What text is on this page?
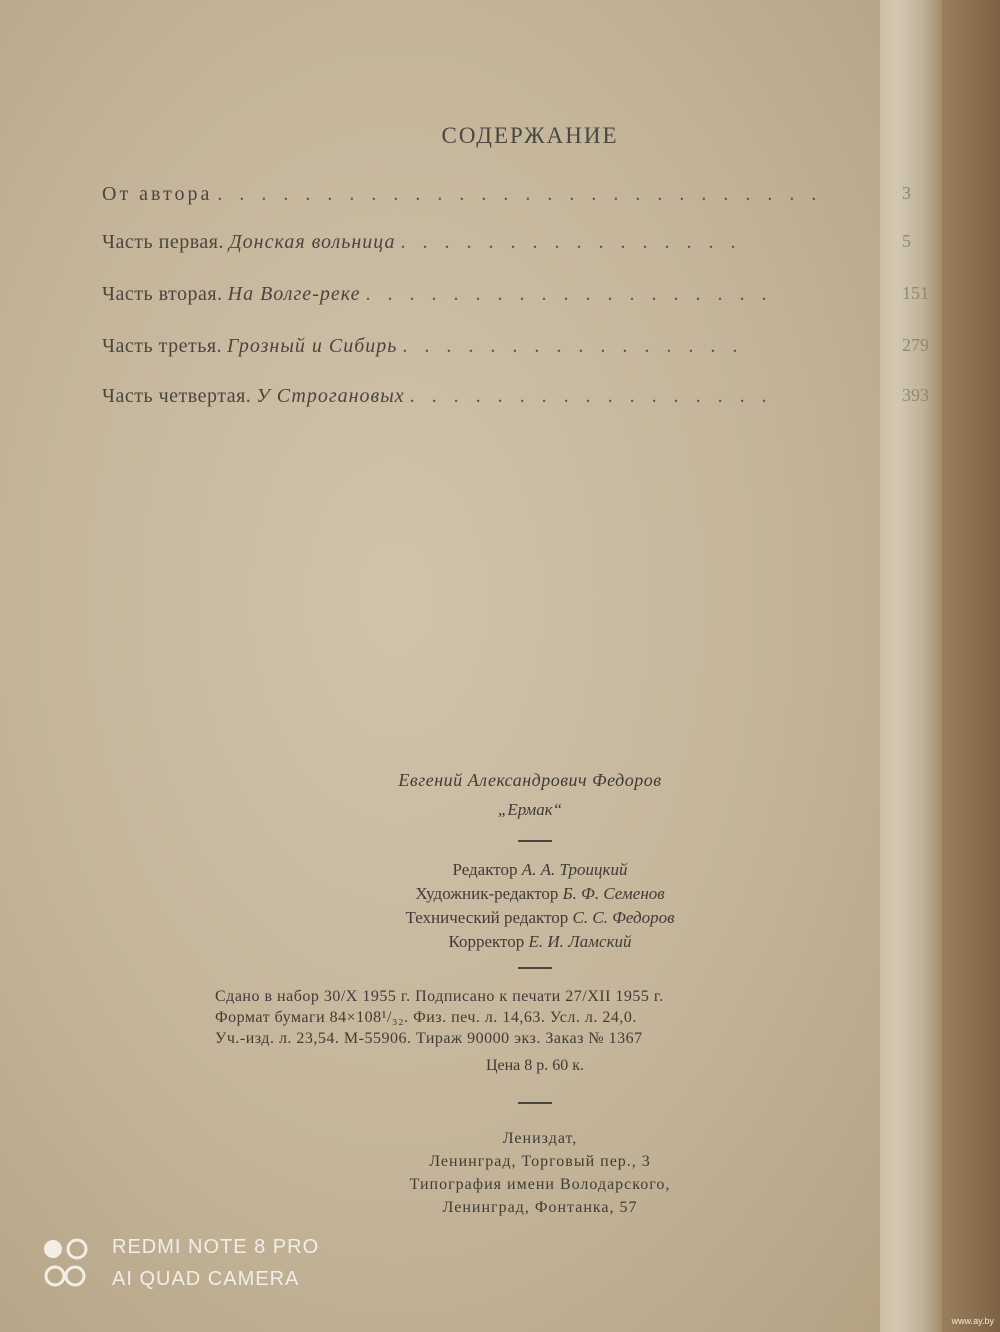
СОДЕРЖАНИЕ
От автора . . . . . . . . . . . . . . . . . . . . . . . . . . . .	3
Часть первая. Донская вольница . . . . . . . . . . . . . . . .	5
Часть вторая. На Волге-реке . . . . . . . . . . . . . . . . . . .	151
Часть третья. Грозный и Сибирь . . . . . . . . . . . . . . . .	279
Часть четвертая. У Строгановых . . . . . . . . . . . . . . . . .	393
Евгений Александрович Федоров
„Ермак“
Редактор А. А. Троицкий
Художник-редактор Б. Ф. Семенов
Технический редактор С. С. Федоров
Корректор Е. И. Ламский
Сдано в набор 30/X 1955 г. Подписано к печати 27/XII 1955 г.
Формат бумаги 84×108¹/₃₂. Физ. печ. л. 14,63. Усл. л. 24,0.
Уч.-изд. л. 23,54. М-55906. Тираж 90000 экз. Заказ № 1367
Цена 8 р. 60 к.
Лениздат,
Ленинград, Торговый пер., 3
Типография имени Володарского,
Ленинград, Фонтанка, 57
REDMI NOTE 8 PRO
AI QUAD CAMERA
www.ay.by
